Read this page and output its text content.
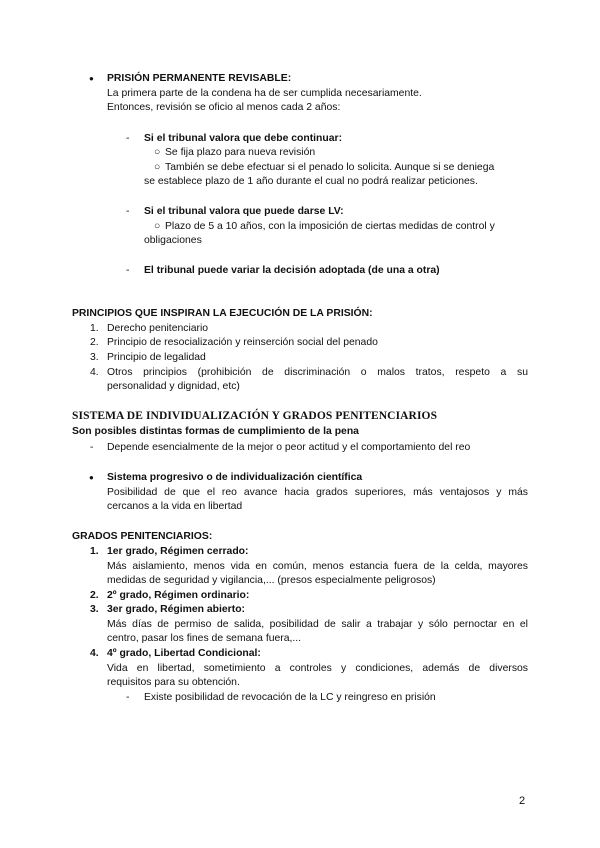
● PRISIÓN PERMANENTE REVISABLE:
La primera parte de la condena ha de ser cumplida necesariamente.
Entonces, revisión se oficio al menos cada 2 años:
- Si el tribunal valora que debe continuar:
○ Se fija plazo para nueva revisión
○ También se debe efectuar si el penado lo solicita. Aunque si se deniega
se establece plazo de 1 año durante el cual no podrá realizar peticiones.
- Si el tribunal valora que puede darse LV:
○ Plazo de 5 a 10 años, con la imposición de ciertas medidas de control y
obligaciones
- El tribunal puede variar la decisión adoptada (de una a otra)
PRINCIPIOS QUE INSPIRAN LA EJECUCIÓN DE LA PRISIÓN:
1. Derecho penitenciario
2. Principio de resocialización y reinserción social del penado
3. Principio de legalidad
4. Otros principios (prohibición de discriminación o malos tratos, respeto a su
personalidad y dignidad, etc)
SISTEMA DE INDIVIDUALIZACIÓN Y GRADOS PENITENCIARIOS
Son posibles distintas formas de cumplimiento de la pena
- Depende esencialmente de la mejor o peor actitud y el comportamiento del reo
● Sistema progresivo o de individualización científica
Posibilidad de que el reo avance hacia grados superiores, más ventajosos y más
cercanos a la vida en libertad
GRADOS PENITENCIARIOS:
1. 1er grado, Régimen cerrado:
Más aislamiento, menos vida en común, menos estancia fuera de la celda, mayores
medidas de seguridad y vigilancia,... (presos especialmente peligrosos)
2. 2º grado, Régimen ordinario:
3. 3er grado, Régimen abierto:
Más días de permiso de salida, posibilidad de salir a trabajar y sólo pernoctar en el
centro, pasar los fines de semana fuera,...
4. 4º grado, Libertad Condicional:
Vida en libertad, sometimiento a controles y condiciones, además de diversos
requisitos para su obtención.
- Existe posibilidad de revocación de la LC y reingreso en prisión
2
